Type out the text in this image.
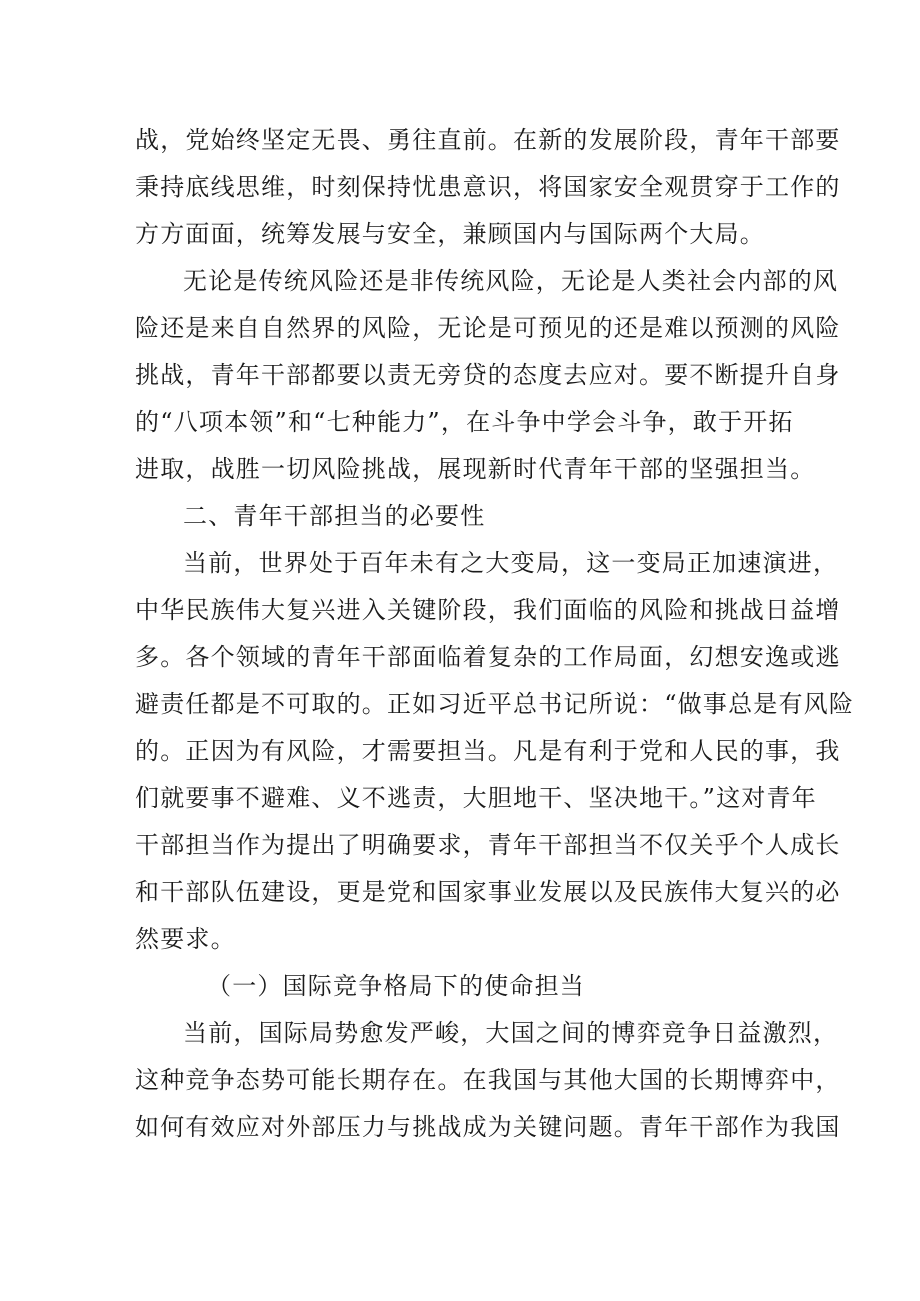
战，党始终坚定无畏、勇往直前。在新的发展阶段，青年干部要
秉持底线思维，时刻保持忧患意识，将国家安全观贯穿于工作的
方方面面，统筹发展与安全，兼顾国内与国际两个大局。
无论是传统风险还是非传统风险，无论是人类社会内部的风
险还是来自自然界的风险，无论是可预见的还是难以预测的风险
挑战，青年干部都要以责无旁贷的态度去应对。要不断提升自身
的“八项本领”和“七种能力”，在斗争中学会斗争，敢于开拓
进取，战胜一切风险挑战，展现新时代青年干部的坚强担当。
二、青年干部担当的必要性
当前，世界处于百年未有之大变局，这一变局正加速演进，
中华民族伟大复兴进入关键阶段，我们面临的风险和挑战日益增
多。各个领域的青年干部面临着复杂的工作局面，幻想安逸或逃
避责任都是不可取的。正如习近平总书记所说：“做事总是有风险
的。正因为有风险，才需要担当。凡是有利于党和人民的事，我
们就要事不避难、义不逃责，大胆地干、坚决地干。”这对青年
干部担当作为提出了明确要求，青年干部担当不仅关乎个人成长
和干部队伍建设，更是党和国家事业发展以及民族伟大复兴的必
然要求。
（一）国际竞争格局下的使命担当
当前，国际局势愈发严峻，大国之间的博弈竞争日益激烈，
这种竞争态势可能长期存在。在我国与其他大国的长期博弈中，
如何有效应对外部压力与挑战成为关键问题。青年干部作为我国
